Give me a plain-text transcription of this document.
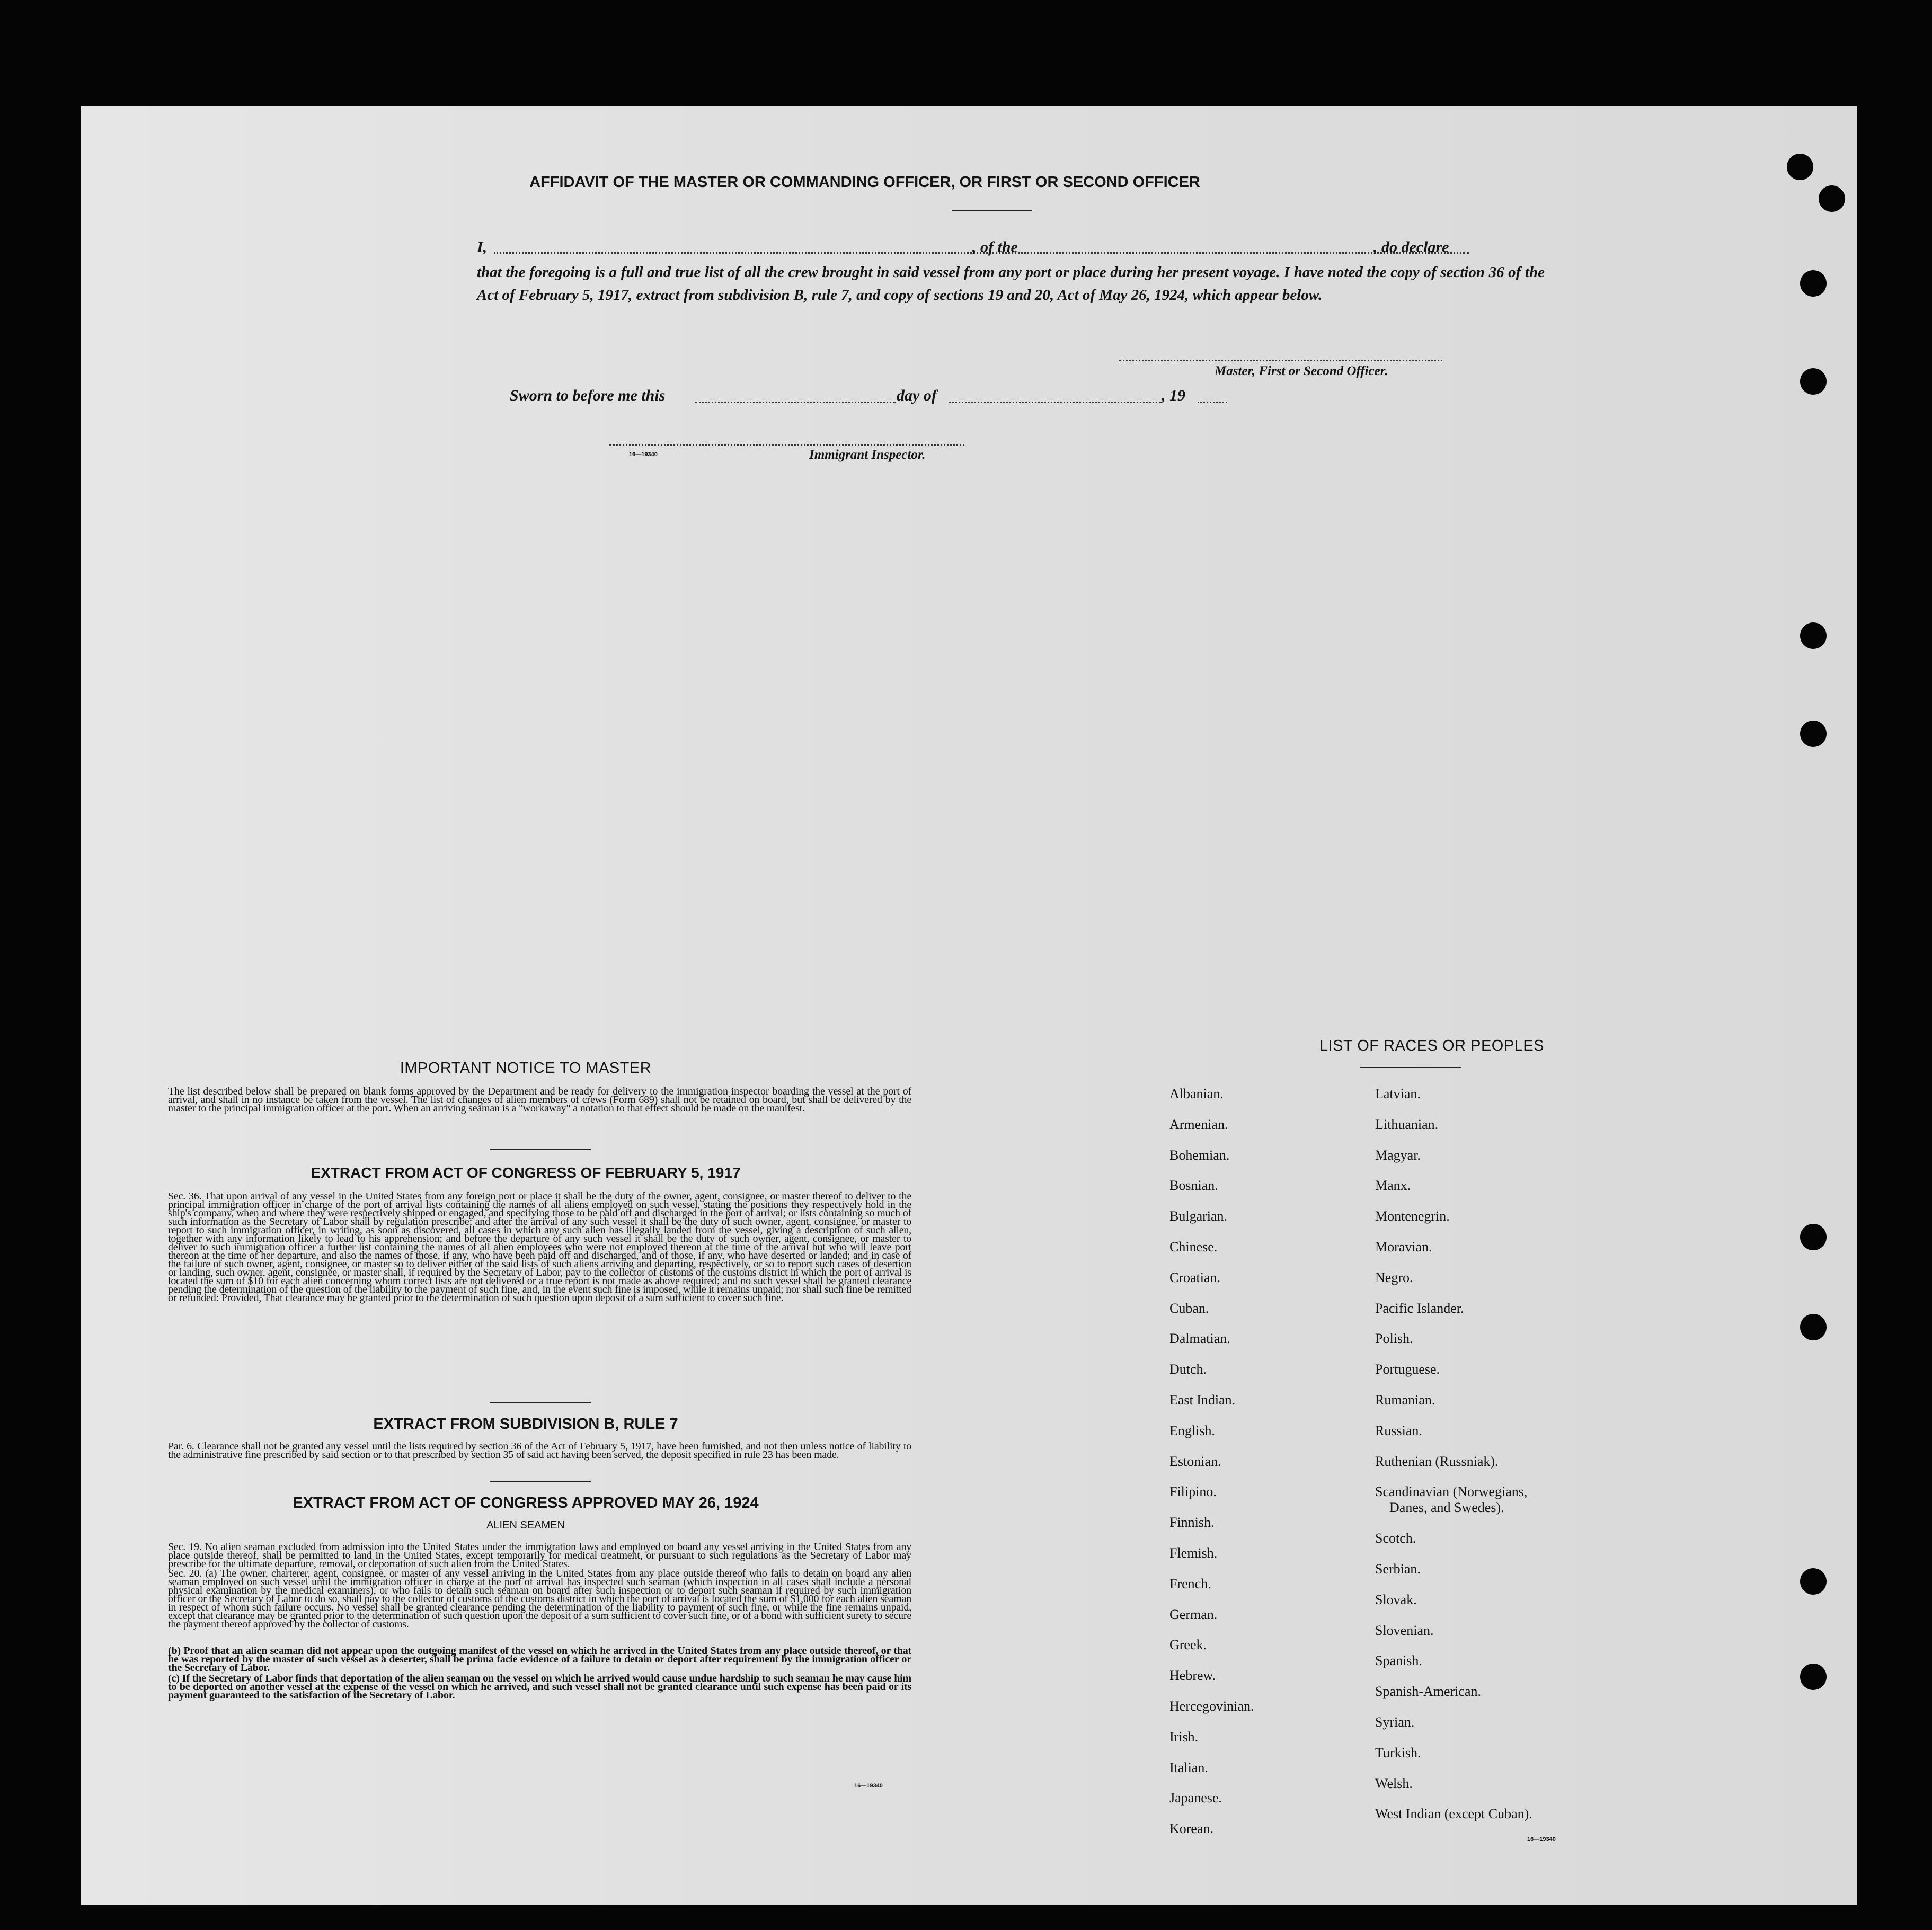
AFFIDAVIT OF THE MASTER OR COMMANDING OFFICER, OR FIRST OR SECOND OFFICER
I,	, of the	, do declare
that the foregoing is a full and true list of all the crew brought in said vessel from any port or place during her present voyage. I have noted the copy of section 36 of the Act of February 5, 1917, extract from subdivision B, rule 7, and copy of sections 19 and 20, Act of May 26, 1924, which appear below.
Master, First or Second Officer.
Sworn to before me this	day of	, 19
16—19340	Immigrant Inspector.
IMPORTANT NOTICE TO MASTER
The list described below shall be prepared on blank forms approved by the Department and be ready for delivery to the immigration inspector boarding the vessel at the port of arrival, and shall in no instance be taken from the vessel. The list of changes of alien members of crews (Form 689) shall not be retained on board, but shall be delivered by the master to the principal immigration officer at the port. When an arriving seaman is a "workaway" a notation to that effect should be made on the manifest.
EXTRACT FROM ACT OF CONGRESS OF FEBRUARY 5, 1917
Sec. 36. That upon arrival of any vessel in the United States from any foreign port or place it shall be the duty of the owner, agent, consignee, or master thereof to deliver to the principal immigration officer in charge of the port of arrival lists containing the names of all aliens employed on such vessel, stating the positions they respectively hold in the ship's company, when and where they were respectively shipped or engaged, and specifying those to be paid off and discharged in the port of arrival; or lists containing so much of such information as the Secretary of Labor shall by regulation prescribe; and after the arrival of any such vessel it shall be the duty of such owner, agent, consignee, or master to report to such immigration officer, in writing, as soon as discovered, all cases in which any such alien has illegally landed from the vessel, giving a description of such alien, together with any information likely to lead to his apprehension; and before the departure of any such vessel it shall be the duty of such owner, agent, consignee, or master to deliver to such immigration officer a further list containing the names of all alien employees who were not employed thereon at the time of the arrival but who will leave port thereon at the time of her departure, and also the names of those, if any, who have been paid off and discharged, and of those, if any, who have deserted or landed; and in case of the failure of such owner, agent, consignee, or master so to deliver either of the said lists of such aliens arriving and departing, respectively, or so to report such cases of desertion or landing, such owner, agent, consignee, or master shall, if required by the Secretary of Labor, pay to the collector of customs of the customs district in which the port of arrival is located the sum of $10 for each alien concerning whom correct lists are not delivered or a true report is not made as above required; and no such vessel shall be granted clearance pending the determination of the question of the liability to the payment of such fine, and, in the event such fine is imposed, while it remains unpaid; nor shall such fine be remitted or refunded: Provided, That clearance may be granted prior to the determination of such question upon deposit of a sum sufficient to cover such fine.
EXTRACT FROM SUBDIVISION B, RULE 7
Par. 6. Clearance shall not be granted any vessel until the lists required by section 36 of the Act of February 5, 1917, have been furnished, and not then unless notice of liability to the administrative fine prescribed by said section or to that prescribed by section 35 of said act having been served, the deposit specified in rule 23 has been made.
EXTRACT FROM ACT OF CONGRESS APPROVED MAY 26, 1924
ALIEN SEAMEN
Sec. 19. No alien seaman excluded from admission into the United States under the immigration laws and employed on board any vessel arriving in the United States from any place outside thereof, shall be permitted to land in the United States, except temporarily for medical treatment, or pursuant to such regulations as the Secretary of Labor may prescribe for the ultimate departure, removal, or deportation of such alien from the United States.
Sec. 20. (a) The owner, charterer, agent, consignee, or master of any vessel arriving in the United States from any place outside thereof who fails to detain on board any alien seaman employed on such vessel until the immigration officer in charge at the port of arrival has inspected such seaman (which inspection in all cases shall include a personal physical examination by the medical examiners), or who fails to detain such seaman on board after such inspection or to deport such seaman if required by such immigration officer or the Secretary of Labor to do so, shall pay to the collector of customs of the customs district in which the port of arrival is located the sum of $1,000 for each alien seaman in respect of whom such failure occurs. No vessel shall be granted clearance pending the determination of the liability to payment of such fine, or while the fine remains unpaid, except that clearance may be granted prior to the determination of such question upon the deposit of a sum sufficient to cover such fine, or of a bond with sufficient surety to secure the payment thereof approved by the collector of customs.
(b) Proof that an alien seaman did not appear upon the outgoing manifest of the vessel on which he arrived in the United States from any place outside thereof, or that he was reported by the master of such vessel as a deserter, shall be prima facie evidence of a failure to detain or deport after requirement by the immigration officer or the Secretary of Labor.
(c) If the Secretary of Labor finds that deportation of the alien seaman on the vessel on which he arrived would cause undue hardship to such seaman he may cause him to be deported on another vessel at the expense of the vessel on which he arrived, and such vessel shall not be granted clearance until such expense has been paid or its payment guaranteed to the satisfaction of the Secretary of Labor.
16—19340
LIST OF RACES OR PEOPLES
16—19340
Albanian.
Armenian.
Bohemian.
Bosnian.
Bulgarian.
Chinese.
Croatian.
Cuban.
Dalmatian.
Dutch.
East Indian.
English.
Estonian.
Filipino.
Finnish.
Flemish.
French.
German.
Greek.
Hebrew.
Hercegovinian.
Irish.
Italian.
Japanese.
Korean.
Latvian.
Lithuanian.
Magyar.
Manx.
Montenegrin.
Moravian.
Negro.
Pacific Islander.
Polish.
Portuguese.
Rumanian.
Russian.
Ruthenian (Russniak).
Scandinavian (Norwegians,
Danes, and Swedes).
Scotch.
Serbian.
Slovak.
Slovenian.
Spanish.
Spanish-American.
Syrian.
Turkish.
Welsh.
West Indian (except Cuban).
